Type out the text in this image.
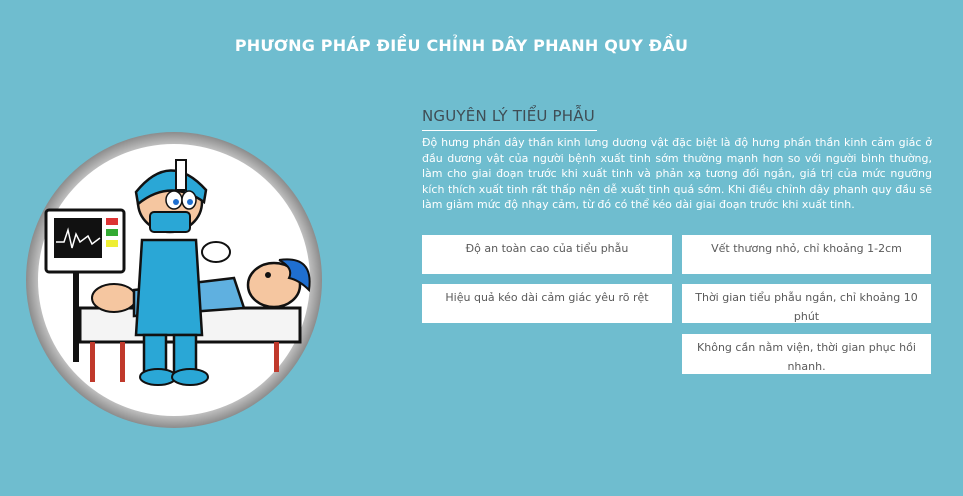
PHƯƠNG PHÁP ĐIỀU CHỈNH DÂY PHANH QUY ĐẦU
NGUYÊN LÝ TIỂU PHẪU
Độ hưng phấn dây thần kinh lưng dương vật đặc biệt là độ hưng phấn thần kinh cảm giác ở đầu dương vật của người bệnh xuất tinh sớm thường mạnh hơn so với người bình thường, làm cho giai đoạn trước khi xuất tinh và phản xạ tương đối ngắn, giá trị của mức ngưỡng kích thích xuất tinh rất thấp nên dễ xuất tinh quá sớm. Khi điều chỉnh dây phanh quy đầu sẽ làm giảm mức độ nhạy cảm, từ đó có thể kéo dài giai đoạn trước khi xuất tinh.
Độ an toàn cao của tiểu phẫu	Vết thương nhỏ, chỉ khoảng 1-2cm
Hiệu quả kéo dài cảm giác yêu rõ rệt	Thời gian tiểu phẫu ngắn, chỉ khoảng 10 phút
Không cần nằm viện, thời gian phục hồi nhanh.
